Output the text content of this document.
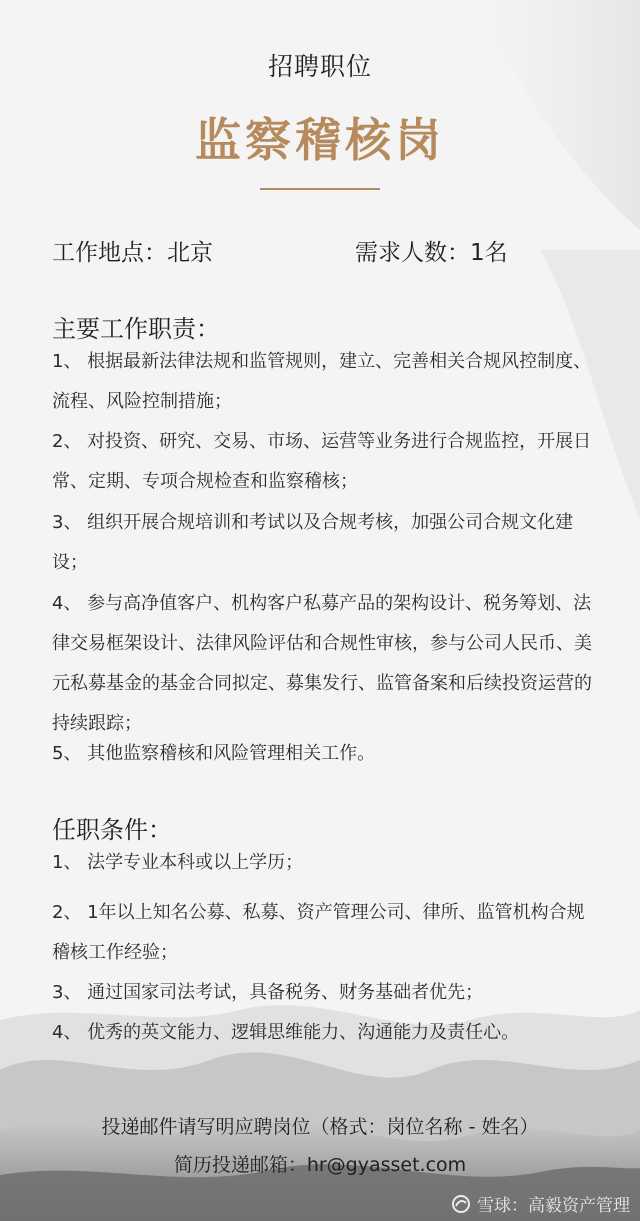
招聘职位
监察稽核岗
工作地点：北京	需求人数：1名
主要工作职责：
1、 根据最新法律法规和监管规则，建立、完善相关合规风控制度、流程、风险控制措施；
2、 对投资、研究、交易、市场、运营等业务进行合规监控，开展日常、定期、专项合规检查和监察稽核；
3、 组织开展合规培训和考试以及合规考核，加强公司合规文化建设；
4、 参与高净值客户、机构客户私募产品的架构设计、税务筹划、法律交易框架设计、法律风险评估和合规性审核，参与公司人民币、美元私募基金的基金合同拟定、募集发行、监管备案和后续投资运营的持续跟踪；
5、 其他监察稽核和风险管理相关工作。
任职条件：
1、 法学专业本科或以上学历；
2、 1年以上知名公募、私募、资产管理公司、律所、监管机构合规稽核工作经验；
3、 通过国家司法考试，具备税务、财务基础者优先；
4、 优秀的英文能力、逻辑思维能力、沟通能力及责任心。
投递邮件请写明应聘岗位（格式：岗位名称 - 姓名）
简历投递邮箱：hr@gyasset.com
雪球：高毅资产管理
